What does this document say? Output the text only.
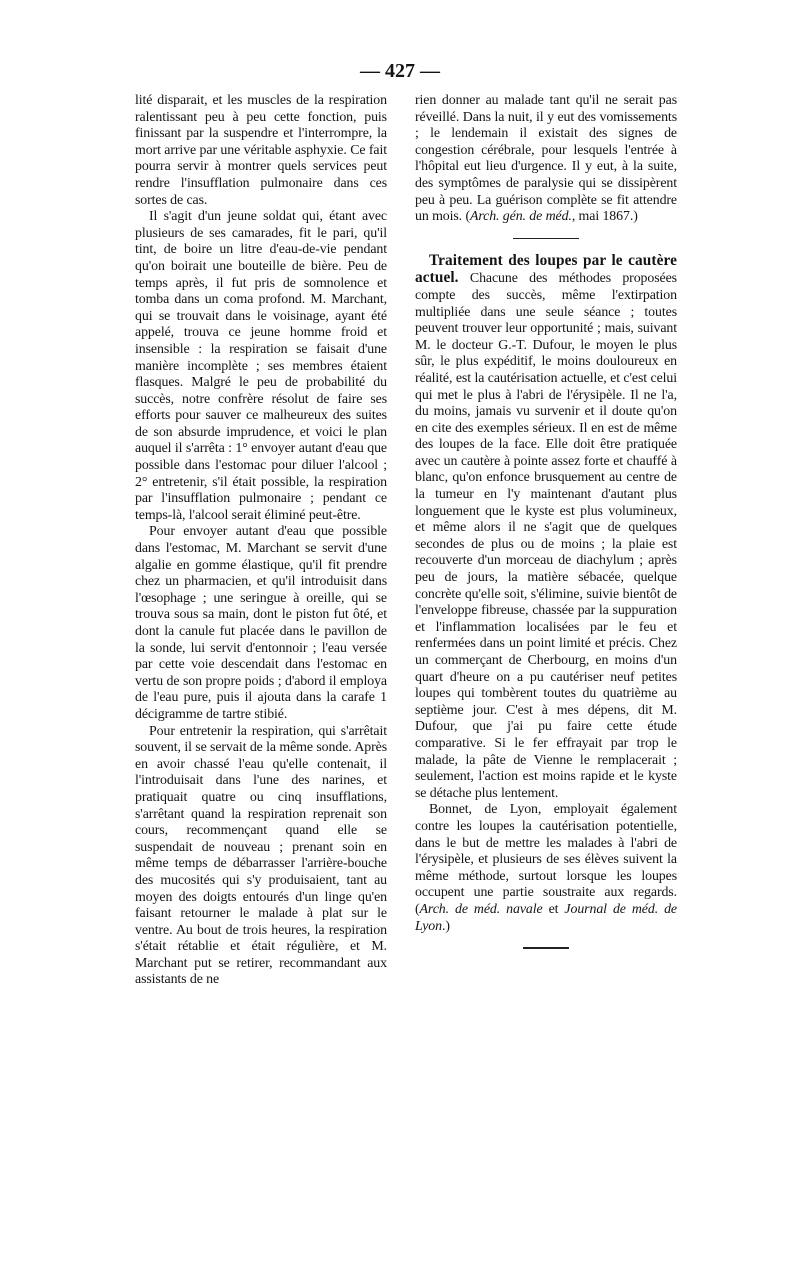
— 427 —

lité disparait, et les muscles de la respiration ralentissant peu à peu cette fonction, puis finissant par la suspendre et l'interrompre, la mort arrive par une véritable asphyxie. Ce fait pourra servir à montrer quels services peut rendre l'insufflation pulmonaire dans ces sortes de cas.

Il s'agit d'un jeune soldat qui, étant avec plusieurs de ses camarades, fit le pari, qu'il tint, de boire un litre d'eau-de-vie pendant qu'on boirait une bouteille de bière. Peu de temps après, il fut pris de somnolence et tomba dans un coma profond. M. Marchant, qui se trouvait dans le voisinage, ayant été appelé, trouva ce jeune homme froid et insensible : la respiration se faisait d'une manière incomplète ; ses membres étaient flasques. Malgré le peu de probabilité du succès, notre confrère résolut de faire ses efforts pour sauver ce malheureux des suites de son absurde imprudence, et voici le plan auquel il s'arrêta : 1° envoyer autant d'eau que possible dans l'estomac pour diluer l'alcool ; 2° entretenir, s'il était possible, la respiration par l'insufflation pulmonaire ; pendant ce temps-là, l'alcool serait éliminé peut-être.

Pour envoyer autant d'eau que possible dans l'estomac, M. Marchant se servit d'une algalie en gomme élastique, qu'il fit prendre chez un pharmacien, et qu'il introduisit dans l'œsophage ; une seringue à oreille, qui se trouva sous sa main, dont le piston fut ôté, et dont la canule fut placée dans le pavillon de la sonde, lui servit d'entonnoir ; l'eau versée par cette voie descendait dans l'estomac en vertu de son propre poids ; d'abord il employa de l'eau pure, puis il ajouta dans la carafe 1 décigramme de tartre stibié.

Pour entretenir la respiration, qui s'arrêtait souvent, il se servait de la même sonde. Après en avoir chassé l'eau qu'elle contenait, il l'introduisait dans l'une des narines, et pratiquait quatre ou cinq insufflations, s'arrêtant quand la respiration reprenait son cours, recommençant quand elle se suspendait de nouveau ; prenant soin en même temps de débarrasser l'arrière-bouche des mucosités qui s'y produisaient, tant au moyen des doigts entourés d'un linge qu'en faisant retourner le malade à plat sur le ventre. Au bout de trois heures, la respiration s'était rétablie et était régulière, et M. Marchant put se retirer, recommandant aux assistants de ne

rien donner au malade tant qu'il ne serait pas réveillé. Dans la nuit, il y eut des vomissements ; le lendemain il existait des signes de congestion cérébrale, pour lesquels l'entrée à l'hôpital eut lieu d'urgence. Il y eut, à la suite, des symptômes de paralysie qui se dissipèrent peu à peu. La guérison complète se fit attendre un mois. (Arch. gén. de méd., mai 1867.)

Traitement des loupes par le cautère actuel. Chacune des méthodes proposées compte des succès, même l'extirpation multipliée dans une seule séance ; toutes peuvent trouver leur opportunité ; mais, suivant M. le docteur G.-T. Dufour, le moyen le plus sûr, le plus expéditif, le moins douloureux en réalité, est la cautérisation actuelle, et c'est celui qui met le plus à l'abri de l'érysipèle. Il ne l'a, du moins, jamais vu survenir et il doute qu'on en cite des exemples sérieux. Il en est de même des loupes de la face. Elle doit être pratiquée avec un cautère à pointe assez forte et chauffé à blanc, qu'on enfonce brusquement au centre de la tumeur en l'y maintenant d'autant plus longuement que le kyste est plus volumineux, et même alors il ne s'agit que de quelques secondes de plus ou de moins ; la plaie est recouverte d'un morceau de diachylum ; après peu de jours, la matière sébacée, quelque concrète qu'elle soit, s'élimine, suivie bientôt de l'enveloppe fibreuse, chassée par la suppuration et l'inflammation localisées par le feu et renfermées dans un point limité et précis. Chez un commerçant de Cherbourg, en moins d'un quart d'heure on a pu cautériser neuf petites loupes qui tombèrent toutes du quatrième au septième jour. C'est à mes dépens, dit M. Dufour, que j'ai pu faire cette étude comparative. Si le fer effrayait par trop le malade, la pâte de Vienne le remplacerait ; seulement, l'action est moins rapide et le kyste se détache plus lentement.

Bonnet, de Lyon, employait également contre les loupes la cautérisation potentielle, dans le but de mettre les malades à l'abri de l'érysipèle, et plusieurs de ses élèves suivent la même méthode, surtout lorsque les loupes occupent une partie soustraite aux regards. (Arch. de méd. navale et Journal de méd. de Lyon.)
